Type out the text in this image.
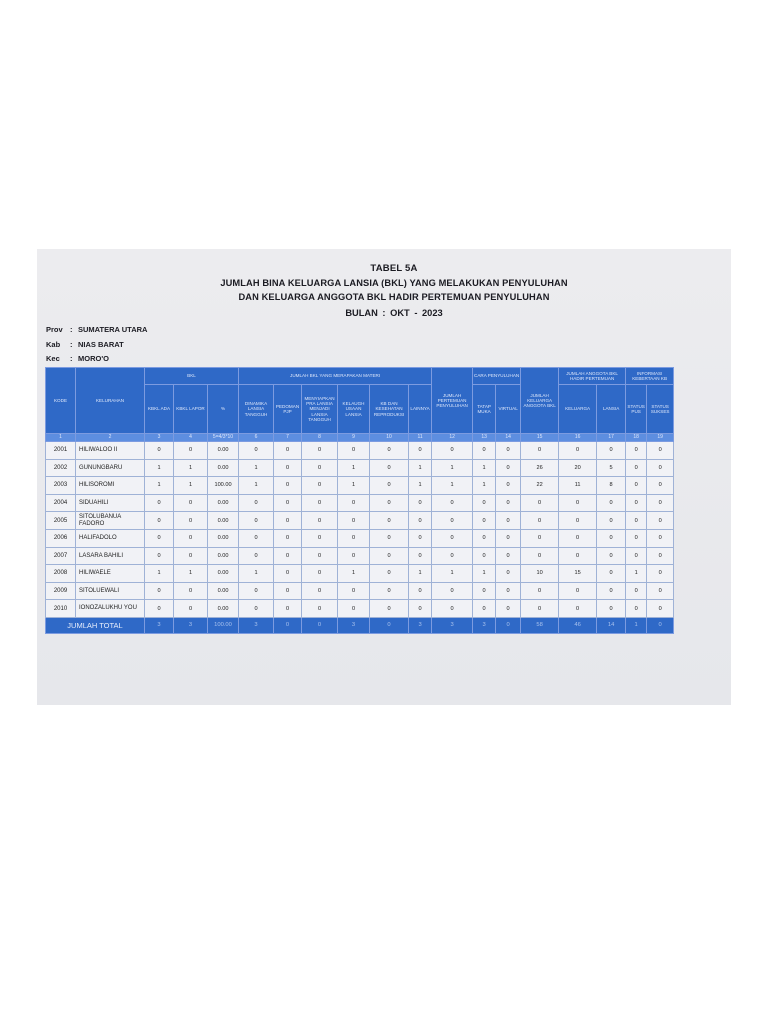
TABEL 5A
JUMLAH BINA KELUARGA LANSIA (BKL) YANG MELAKUKAN PENYULUHAN
DAN KELUARGA ANGGOTA BKL HADIR PERTEMUAN PENYULUHAN
BULAN : OKT - 2023
Prov : SUMATERA UTARA
Kab : NIAS BARAT
Kec : MORO'O
KODE	KELURAHAN	BKL			JUMLAH BKL YANG MERAPAKAN MATERI						JUMLAH PERTEMUAN PENYULUHAN	CARA PENYULUHAN		JUMLAH KELUARGA ANGGOTA BKL	JUMLAH ANGGOTA BKL HADIR PERTEMUAN		INFORMASI KEBERTAAN KB	
		KBKL ADA	KBKL LAPOR	%	DINAMIKA LANSIA TANGGUH	PEDOMAN PJP	MENYIAPKAN PRA LANSIA MENJADI LANSIA TANGGUH	KELAUGH USAAN LANSIA	KB DAN KESEHATAN REPRODUKSI	LAINNYA		TATAP MUKA	VIRTUAL		KELUARGA	LANSIA	STATUS PUS	STATUS SUKSES
1	2	3	4	5=4/3*10	6	7	8	9	10	11	12	13	14	15	16	17	18	19
2001	HILIWALOO II	0	0	0.00	0	0	0	0	0	0	0	0	0	0	0	0	0	0
2002	GUNUNGBARU	1	1	0.00	1	0	0	1	0	1	1	1	0	26	20	5	0	0
2003	HILISOROMI	1	1	100.00	1	0	0	1	0	1	1	1	0	22	11	8	0	0
2004	SIDUAHILI	0	0	0.00	0	0	0	0	0	0	0	0	0	0	0	0	0	0
2005	SITOLUBANUA FADORO	0	0	0.00	0	0	0	0	0	0	0	0	0	0	0	0	0	0
2006	HALIFADOLO	0	0	0.00	0	0	0	0	0	0	0	0	0	0	0	0	0	0
2007	LASARA BAHILI	0	0	0.00	0	0	0	0	0	0	0	0	0	0	0	0	0	0
2008	HILIWAELE	1	1	0.00	1	0	0	1	0	1	1	1	0	10	15	0	1	0
2009	SITOLUEWALI	0	0	0.00	0	0	0	0	0	0	0	0	0	0	0	0	0	0
2010	IONOZALUKHU YOU	0	0	0.00	0	0	0	0	0	0	0	0	0	0	0	0	0	0
JUMLAH TOTAL		3	3	100.00	3	0	0	3	0	3	3	3	0	58	46	14	1	0
